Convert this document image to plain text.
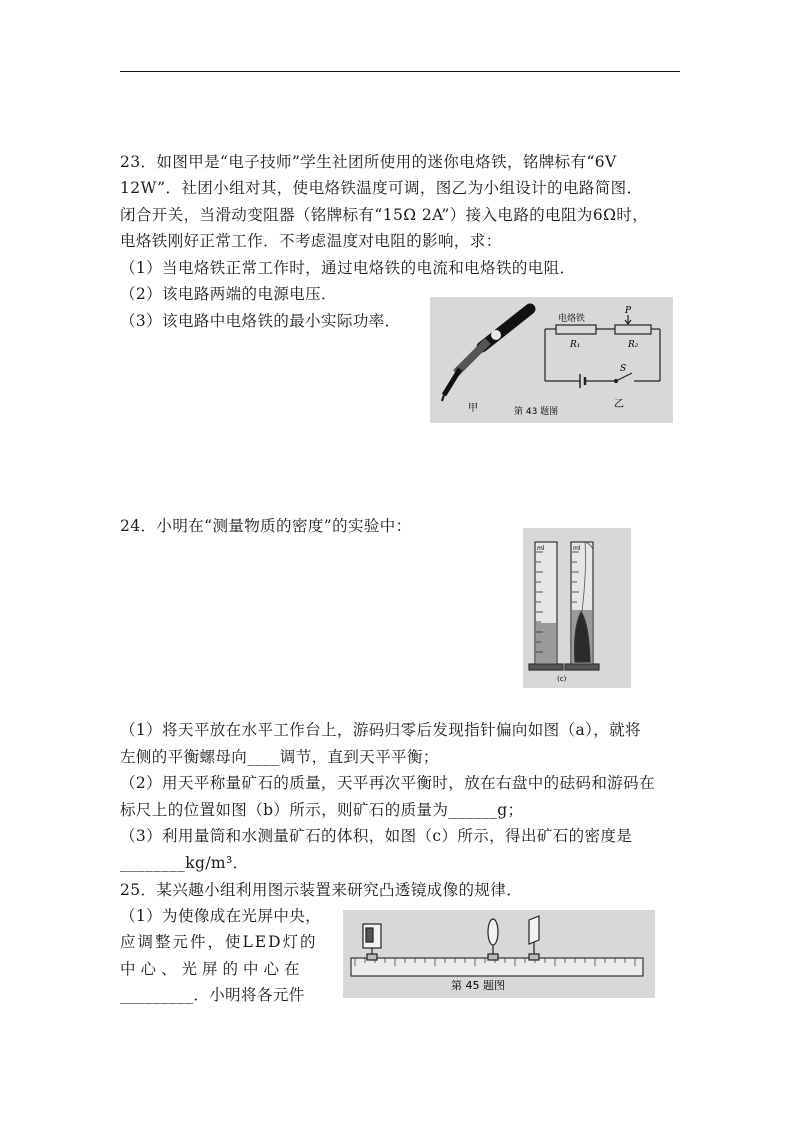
23．如图甲是“电子技师”学生社团所使用的迷你电烙铁，铭牌标有“6V
12W”．社团小组对其，使电烙铁温度可调，图乙为小组设计的电路简图．
闭合开关，当滑动变阻器（铭牌标有“15Ω 2A”）接入电路的电阻为6Ω时，
电烙铁刚好正常工作．不考虑温度对电阻的影响，求：
（1）当电烙铁正常工作时，通过电烙铁的电流和电烙铁的电阻．
（2）该电路两端的电源电压．
（3）该电路中电烙铁的最小实际功率．
甲
电烙铁
P
R₁	R₂
S
乙
第 43 题图
24．小明在“测量物质的密度”的实验中：
（1）将天平放在水平工作台上，游码归零后发现指针偏向如图（a），就将
左侧的平衡螺母向____调节，直到天平平衡；
（2）用天平称量矿石的质量，天平再次平衡时，放在右盘中的砝码和游码在
标尺上的位置如图（b）所示，则矿石的质量为______g；
（3）利用量筒和水测量矿石的体积，如图（c）所示，得出矿石的密度是
________kg/m³．
ml	ml
(c)
25．某兴趣小组利用图示装置来研究凸透镜成像的规律．
（1）为使像成在光屏中央，
应调整元件，使LED灯的
中心、光屏的中心在
_________．小明将各元件
第 45 题图
